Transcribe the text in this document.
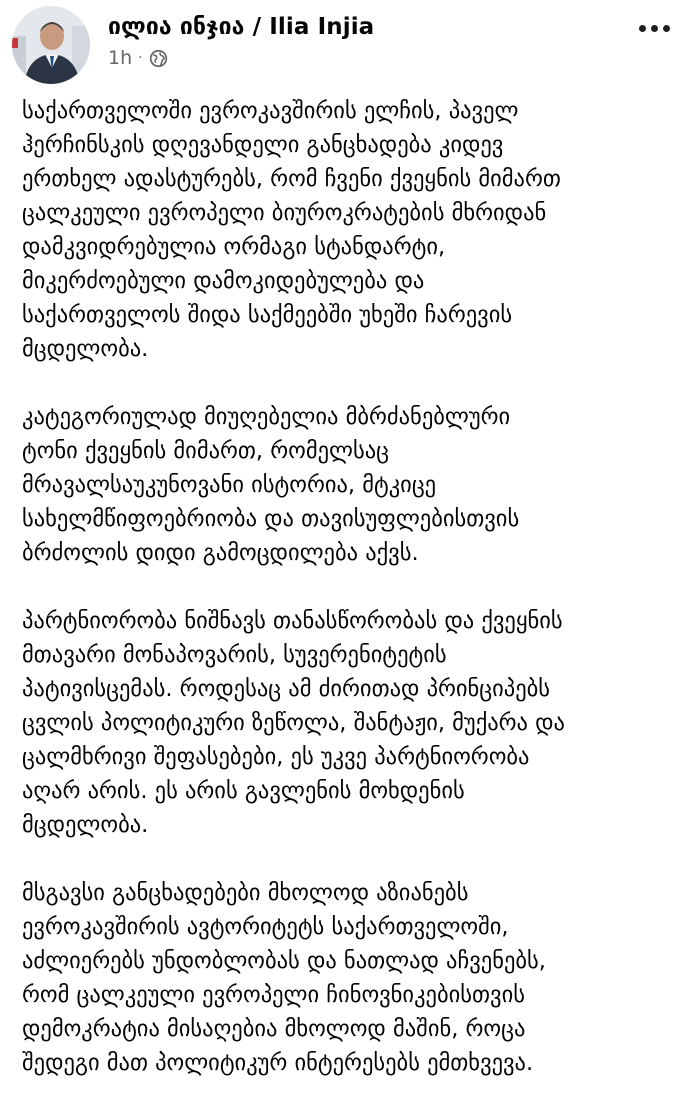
ილია ინჯია / Ilia Injia
1h ·

საქართველოში ევროკავშირის ელჩის, პაველ
ჰერჩინსკის დღევანდელი განცხადება კიდევ
ერთხელ ადასტურებს, რომ ჩვენი ქვეყნის მიმართ
ცალკეული ევროპელი ბიუროკრატების მხრიდან
დამკვიდრებულია ორმაგი სტანდარტი,
მიკერძოებული დამოკიდებულება და
საქართველოს შიდა საქმეებში უხეში ჩარევის
მცდელობა.

კატეგორიულად მიუღებელია მბრძანებლური
ტონი ქვეყნის მიმართ, რომელსაც
მრავალსაუკუნოვანი ისტორია, მტკიცე
სახელმწიფოებრიობა და თავისუფლებისთვის
ბრძოლის დიდი გამოცდილება აქვს.

პარტნიორობა ნიშნავს თანასწორობას და ქვეყნის
მთავარი მონაპოვარის, სუვერენიტეტის
პატივისცემას. როდესაც ამ ძირითად პრინციპებს
ცვლის პოლიტიკური ზეწოლა, შანტაჟი, მუქარა და
ცალმხრივი შეფასებები, ეს უკვე პარტნიორობა
აღარ არის. ეს არის გავლენის მოხდენის
მცდელობა.

მსგავსი განცხადებები მხოლოდ აზიანებს
ევროკავშირის ავტორიტეტს საქართველოში,
აძლიერებს უნდობლობას და ნათლად აჩვენებს,
რომ ცალკეული ევროპელი ჩინოვნიკებისთვის
დემოკრატია მისაღებია მხოლოდ მაშინ, როცა
შედეგი მათ პოლიტიკურ ინტერესებს ემთხვევა.
